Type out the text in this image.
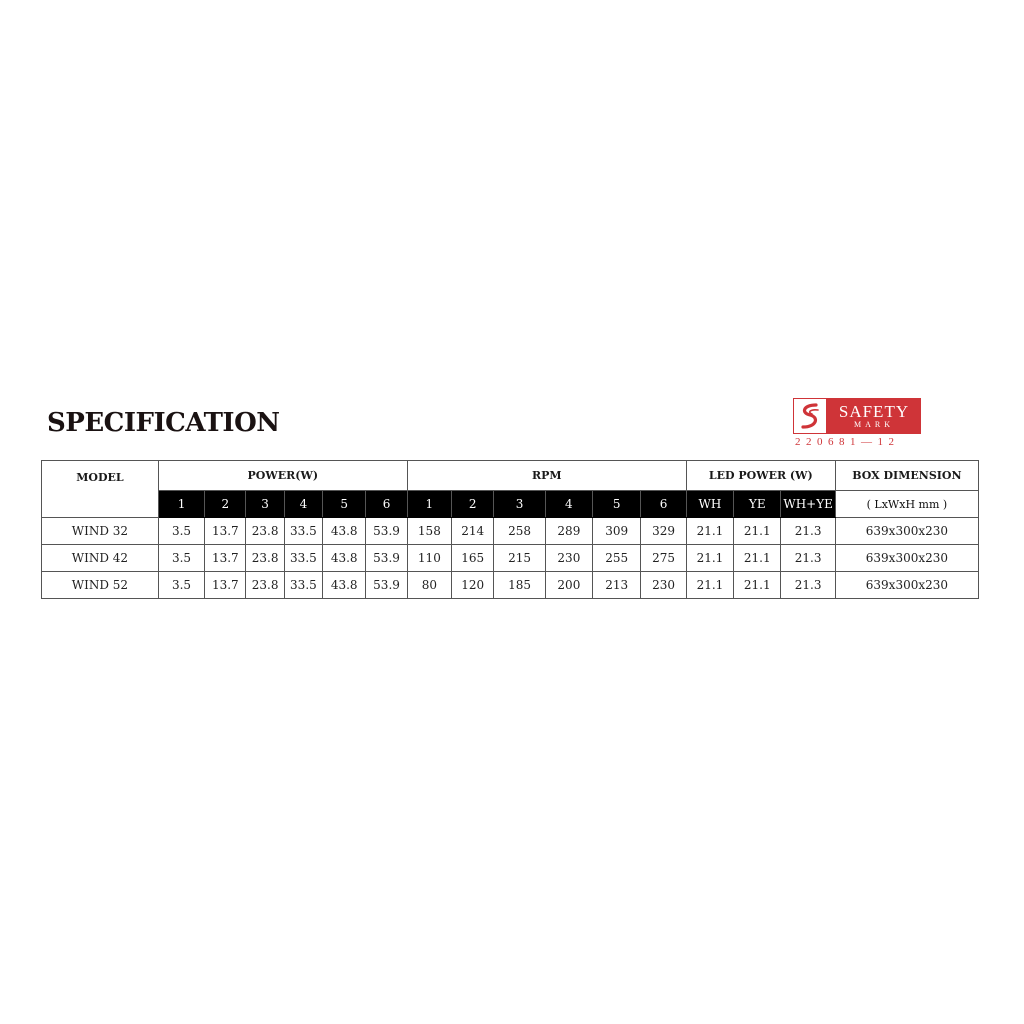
SPECIFICATION	SAFETY
MARK
220681—12
MODEL	POWER(W)						RPM						LED POWER (W)			BOX DIMENSION
	1	2	3	4	5	6	1	2	3	4	5	6	WH	YE	WH+YE	( LxWxH mm )
WIND 32	3.5	13.7	23.8	33.5	43.8	53.9	158	214	258	289	309	329	21.1	21.1	21.3	639x300x230
WIND 42	3.5	13.7	23.8	33.5	43.8	53.9	110	165	215	230	255	275	21.1	21.1	21.3	639x300x230
WIND 52	3.5	13.7	23.8	33.5	43.8	53.9	80	120	185	200	213	230	21.1	21.1	21.3	639x300x230
